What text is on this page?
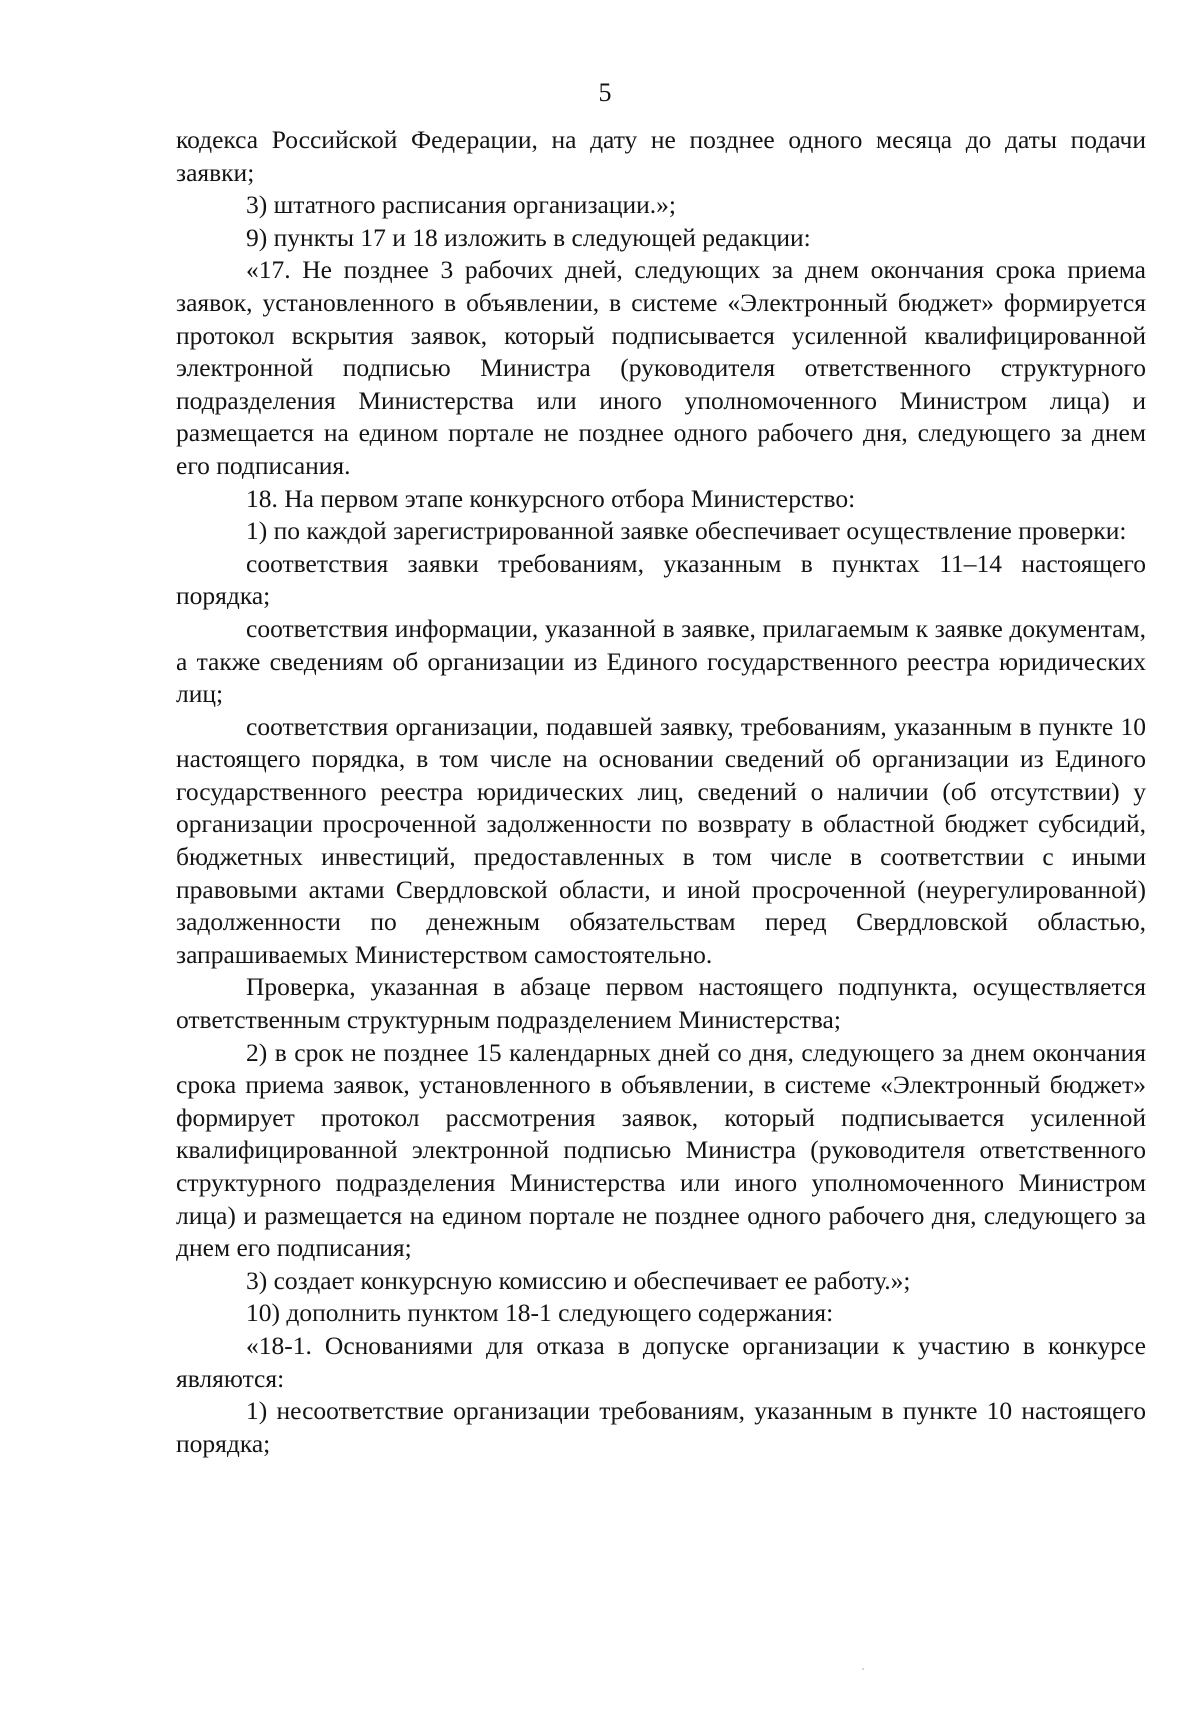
5

кодекса Российской Федерации, на дату не позднее одного месяца до даты подачи заявки;

3) штатного расписания организации.»;

9) пункты 17 и 18 изложить в следующей редакции:

«17. Не позднее 3 рабочих дней, следующих за днем окончания срока приема заявок, установленного в объявлении, в системе «Электронный бюджет» формируется протокол вскрытия заявок, который подписывается усиленной квалифицированной электронной подписью Министра (руководителя ответственного структурного подразделения Министерства или иного уполномоченного Министром лица) и размещается на едином портале не позднее одного рабочего дня, следующего за днем его подписания.

18. На первом этапе конкурсного отбора Министерство:

1) по каждой зарегистрированной заявке обеспечивает осуществление проверки:

соответствия заявки требованиям, указанным в пунктах 11–14 настоящего порядка;

соответствия информации, указанной в заявке, прилагаемым к заявке документам, а также сведениям об организации из Единого государственного реестра юридических лиц;

соответствия организации, подавшей заявку, требованиям, указанным в пункте 10 настоящего порядка, в том числе на основании сведений об организации из Единого государственного реестра юридических лиц, сведений о наличии (об отсутствии) у организации просроченной задолженности по возврату в областной бюджет субсидий, бюджетных инвестиций, предоставленных в том числе в соответствии с иными правовыми актами Свердловской области, и иной просроченной (неурегулированной) задолженности по денежным обязательствам перед Свердловской областью, запрашиваемых Министерством самостоятельно.

Проверка, указанная в абзаце первом настоящего подпункта, осуществляется ответственным структурным подразделением Министерства;

2) в срок не позднее 15 календарных дней со дня, следующего за днем окончания срока приема заявок, установленного в объявлении, в системе «Электронный бюджет» формирует протокол рассмотрения заявок, который подписывается усиленной квалифицированной электронной подписью Министра (руководителя ответственного структурного подразделения Министерства или иного уполномоченного Министром лица) и размещается на едином портале не позднее одного рабочего дня, следующего за днем его подписания;

3) создает конкурсную комиссию и обеспечивает ее работу.»;

10) дополнить пунктом 18-1 следующего содержания:

«18-1. Основаниями для отказа в допуске организации к участию в конкурсе являются:

1) несоответствие организации требованиям, указанным в пункте 10 настоящего порядка;
